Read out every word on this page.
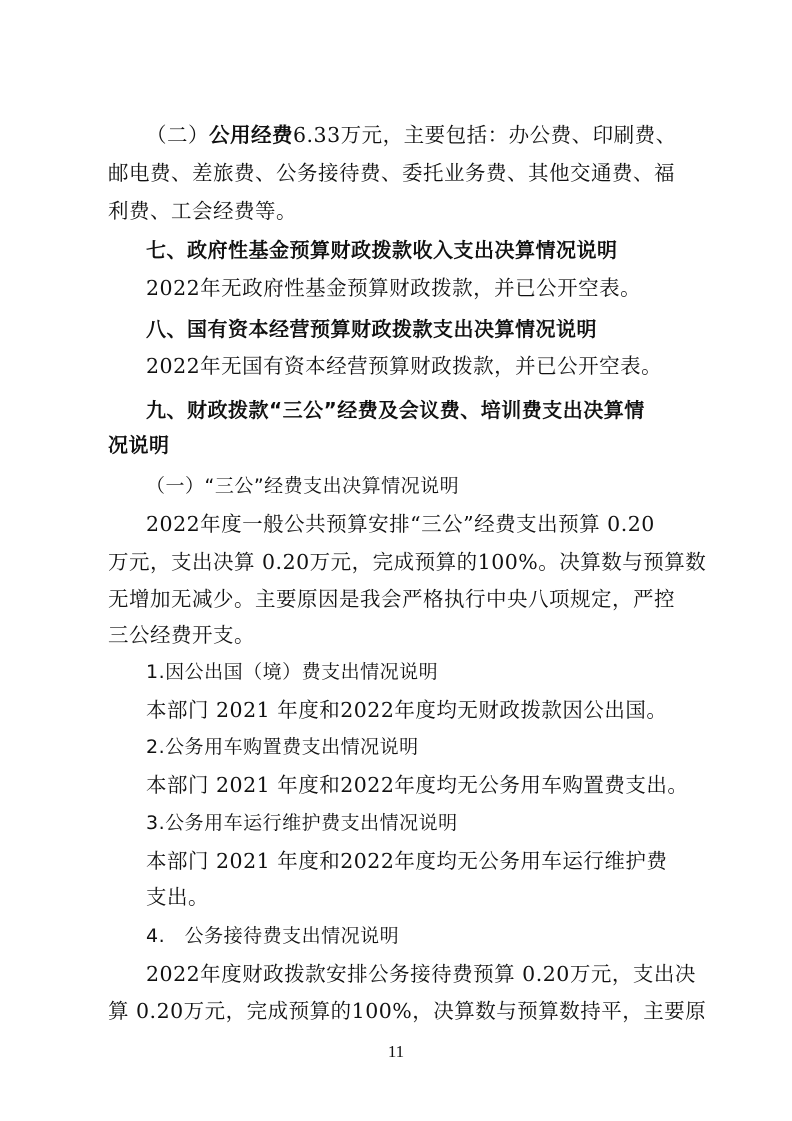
（二）公用经费6.33万元，主要包括：办公费、印刷费、
邮电费、差旅费、公务接待费、委托业务费、其他交通费、福
利费、工会经费等。
七、政府性基金预算财政拨款收入支出决算情况说明
2022年无政府性基金预算财政拨款，并已公开空表。
八、国有资本经营预算财政拨款支出决算情况说明
2022年无国有资本经营预算财政拨款，并已公开空表。
九、财政拨款“三公”经费及会议费、培训费支出决算情
况说明
（一）“三公”经费支出决算情况说明
2022年度一般公共预算安排“三公”经费支出预算 0.20
万元，支出决算 0.20万元，完成预算的100%。决算数与预算数
无增加无减少。主要原因是我会严格执行中央八项规定，严控
三公经费开支。
1.因公出国（境）费支出情况说明
本部门 2021 年度和2022年度均无财政拨款因公出国。
2.公务用车购置费支出情况说明
本部门 2021 年度和2022年度均无公务用车购置费支出。
3.公务用车运行维护费支出情况说明
本部门 2021 年度和2022年度均无公务用车运行维护费
支出。
4.　公务接待费支出情况说明
2022年度财政拨款安排公务接待费预算 0.20万元，支出决
算 0.20万元，完成预算的100%，决算数与预算数持平，主要原
11
